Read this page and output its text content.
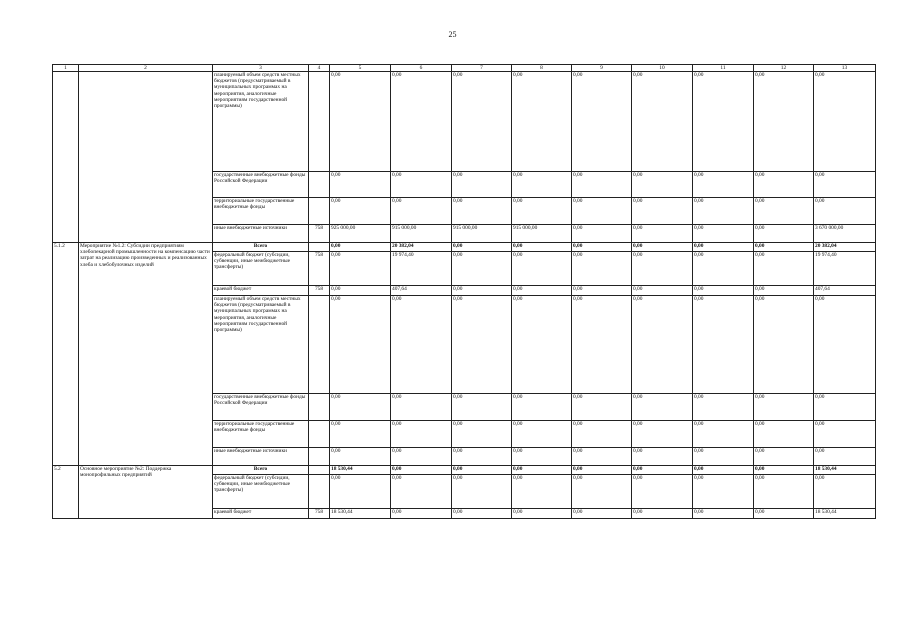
25
1	2	3	4	5	6	7	8	9	10	11	12	13
		планируемый объем средств местных бюджетов (предусматриваемый в муниципальных программах на мероприятия, аналогичные мероприятиям государственной программы)		0,00	0,00	0,00	0,00	0,00	0,00	0,00	0,00	0,00
		государственные внебюджетные фонды Российской Федерации		0,00	0,00	0,00	0,00	0,00	0,00	0,00	0,00	0,00
		территориальные государственные внебюджетные фонды		0,00	0,00	0,00	0,00	0,00	0,00	0,00	0,00	0,00
		иные внебюджетные источники	758	925 000,00	915 000,00	915 000,00	915 000,00	0,00	0,00	0,00	0,00	3 670 000,00
5.1.2	Мероприятие №1.2: Субсидии предприятиям хлебопекарной промышленности на компенсацию части затрат на реализацию произведенных и реализованных хлеба и хлебобулочных изделий	Всего		0,00	20 382,04	0,00	0,00	0,00	0,00	0,00	0,00	20 382,04
		федеральный бюджет (субсидии, субвенции, иные межбюджетные трансферты)	758	0,00	19 974,40	0,00	0,00	0,00	0,00	0,00	0,00	19 974,40
		краевой бюджет	758	0,00	407,64	0,00	0,00	0,00	0,00	0,00	0,00	407,64
		планируемый объем средств местных бюджетов (предусматриваемый в муниципальных программах на мероприятия, аналогичные мероприятиям государственной программы)		0,00	0,00	0,00	0,00	0,00	0,00	0,00	0,00	0,00
		государственные внебюджетные фонды Российской Федерации		0,00	0,00	0,00	0,00	0,00	0,00	0,00	0,00	0,00
		территориальные государственные внебюджетные фонды		0,00	0,00	0,00	0,00	0,00	0,00	0,00	0,00	0,00
		иные внебюджетные источники		0,00	0,00	0,00	0,00	0,00	0,00	0,00	0,00	0,00
5.2	Основное мероприятие №2: Поддержка монопрофильных предприятий	Всего		18 530,44	0,00	0,00	0,00	0,00	0,00	0,00	0,00	18 530,44
		федеральный бюджет (субсидии, субвенции, иные межбюджетные трансферты)		0,00	0,00	0,00	0,00	0,00	0,00	0,00	0,00	0,00
		краевой бюджет	758	18 530,44	0,00	0,00	0,00	0,00	0,00	0,00	0,00	18 530,44
